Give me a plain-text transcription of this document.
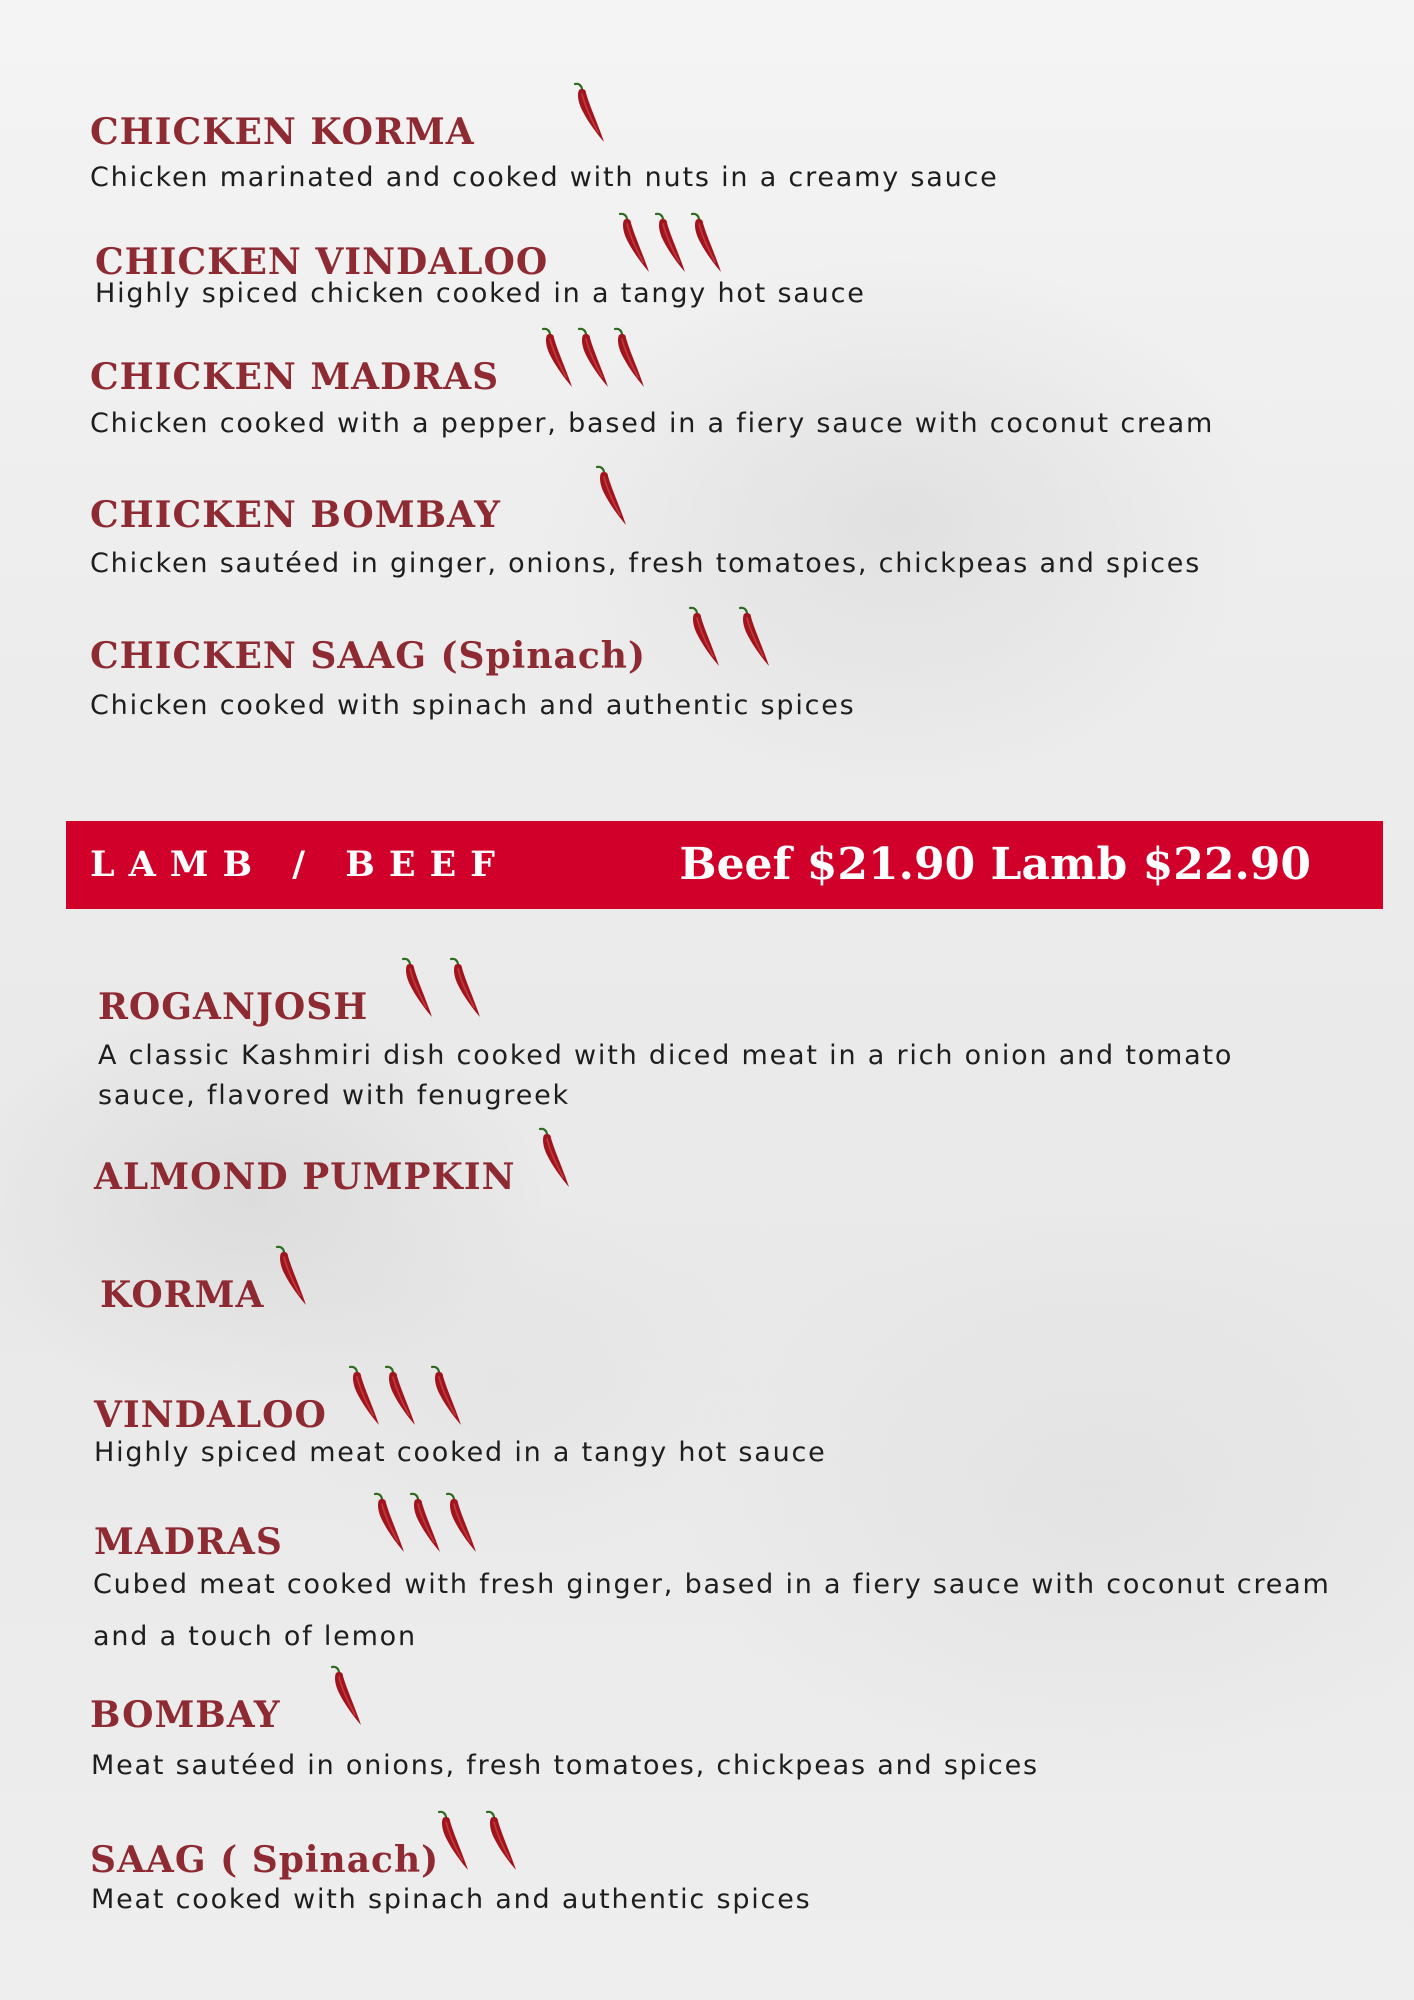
CHICKEN KORMA

Chicken marinated and cooked with nuts in a creamy sauce

CHICKEN VINDALOO

Highly spiced chicken cooked in a tangy hot sauce

CHICKEN MADRAS

Chicken cooked with a pepper, based in a fiery sauce with coconut cream

CHICKEN BOMBAY

Chicken sautéed in ginger, onions, fresh tomatoes, chickpeas and spices

CHICKEN SAAG (Spinach)

Chicken cooked with spinach and authentic spices

LAMB / BEEF	Beef $21.90 Lamb $22.90
ROGANJOSH

A classic Kashmiri dish cooked with diced meat in a rich onion and tomato

sauce, flavored with fenugreek

ALMOND PUMPKIN

KORMA

VINDALOO

Highly spiced meat cooked in a tangy hot sauce

MADRAS

Cubed meat cooked with fresh ginger, based in a fiery sauce with coconut cream

and a touch of lemon

BOMBAY

Meat sautéed in onions, fresh tomatoes, chickpeas and spices

SAAG ( Spinach)

Meat cooked with spinach and authentic spices
